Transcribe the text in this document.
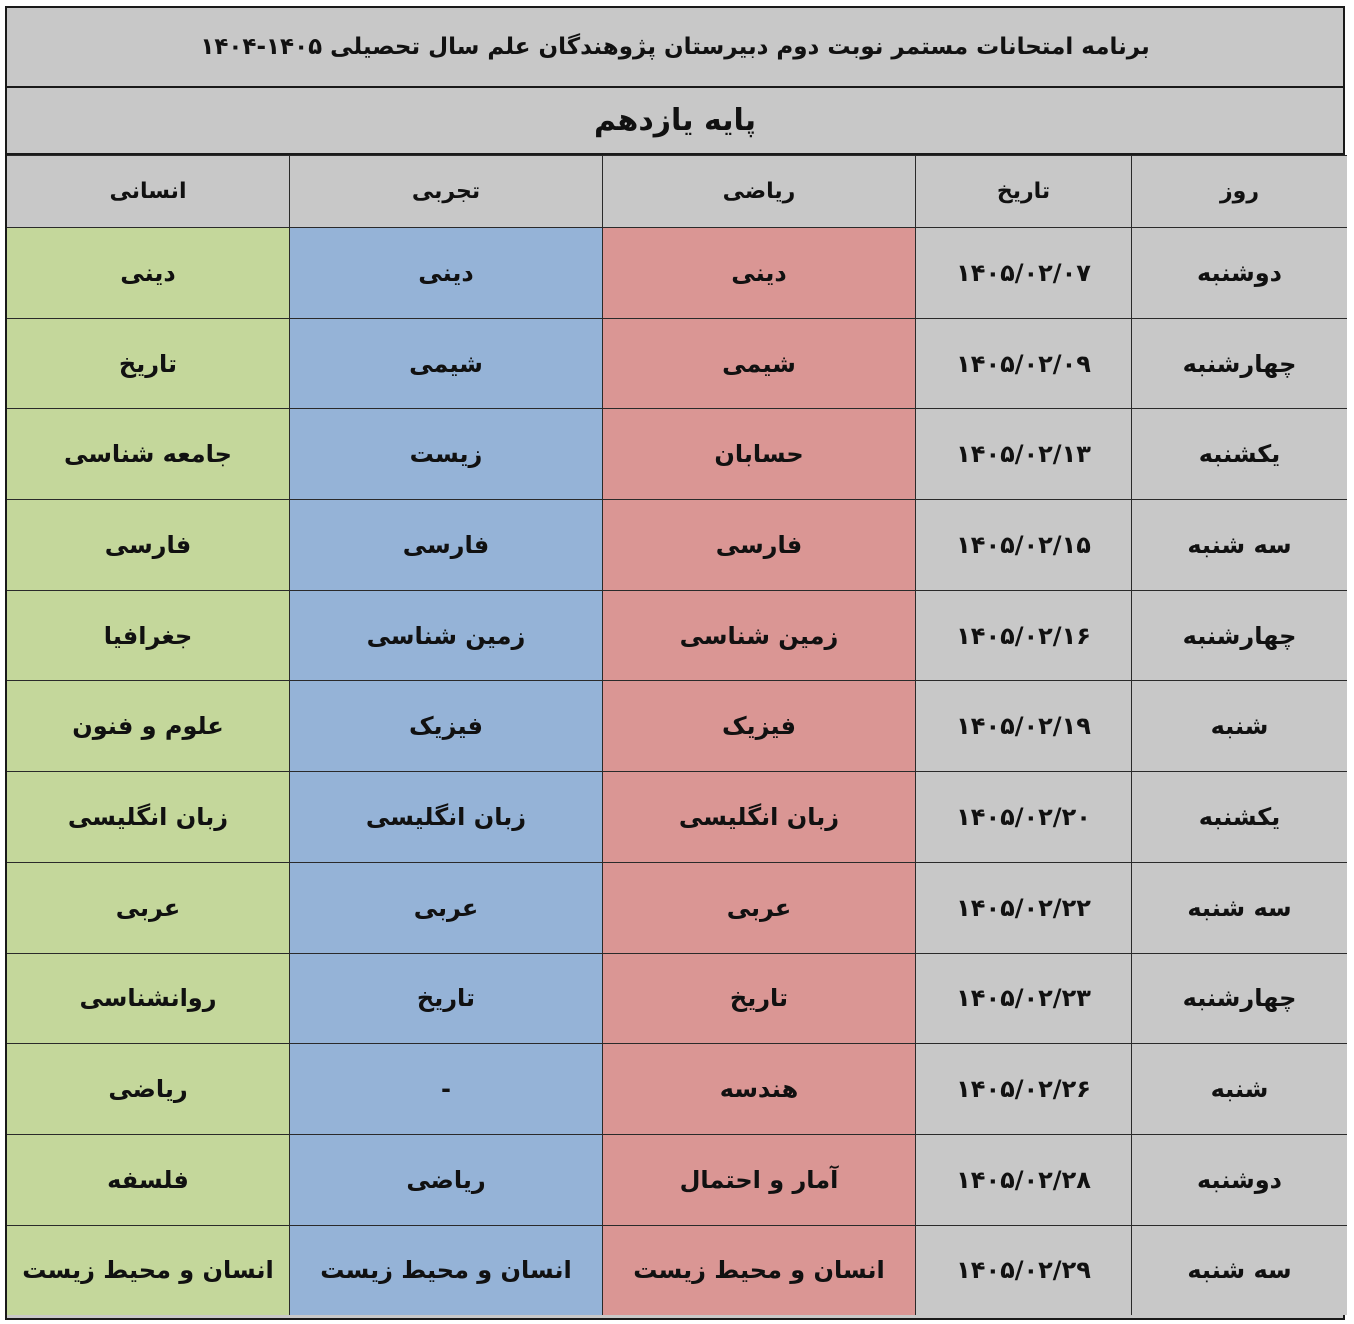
برنامه امتحانات مستمر نوبت دوم دبیرستان پژوهندگان علم سال تحصیلی ۱۴۰۵-۱۴۰۴
پایه یازدهم
روز	تاریخ	ریاضی	تجربی	انسانی
دوشنبه	۱۴۰۵/۰۲/۰۷	دینی	دینی	دینی
چهارشنبه	۱۴۰۵/۰۲/۰۹	شیمی	شیمی	تاریخ
یکشنبه	۱۴۰۵/۰۲/۱۳	حسابان	زیست	جامعه شناسی
سه شنبه	۱۴۰۵/۰۲/۱۵	فارسی	فارسی	فارسی
چهارشنبه	۱۴۰۵/۰۲/۱۶	زمین شناسی	زمین شناسی	جغرافیا
شنبه	۱۴۰۵/۰۲/۱۹	فیزیک	فیزیک	علوم و فنون
یکشنبه	۱۴۰۵/۰۲/۲۰	زبان انگلیسی	زبان انگلیسی	زبان انگلیسی
سه شنبه	۱۴۰۵/۰۲/۲۲	عربی	عربی	عربی
چهارشنبه	۱۴۰۵/۰۲/۲۳	تاریخ	تاریخ	روانشناسی
شنبه	۱۴۰۵/۰۲/۲۶	هندسه	-	ریاضی
دوشنبه	۱۴۰۵/۰۲/۲۸	آمار و احتمال	ریاضی	فلسفه
سه شنبه	۱۴۰۵/۰۲/۲۹	انسان و محیط زیست	انسان و محیط زیست	انسان و محیط زیست
